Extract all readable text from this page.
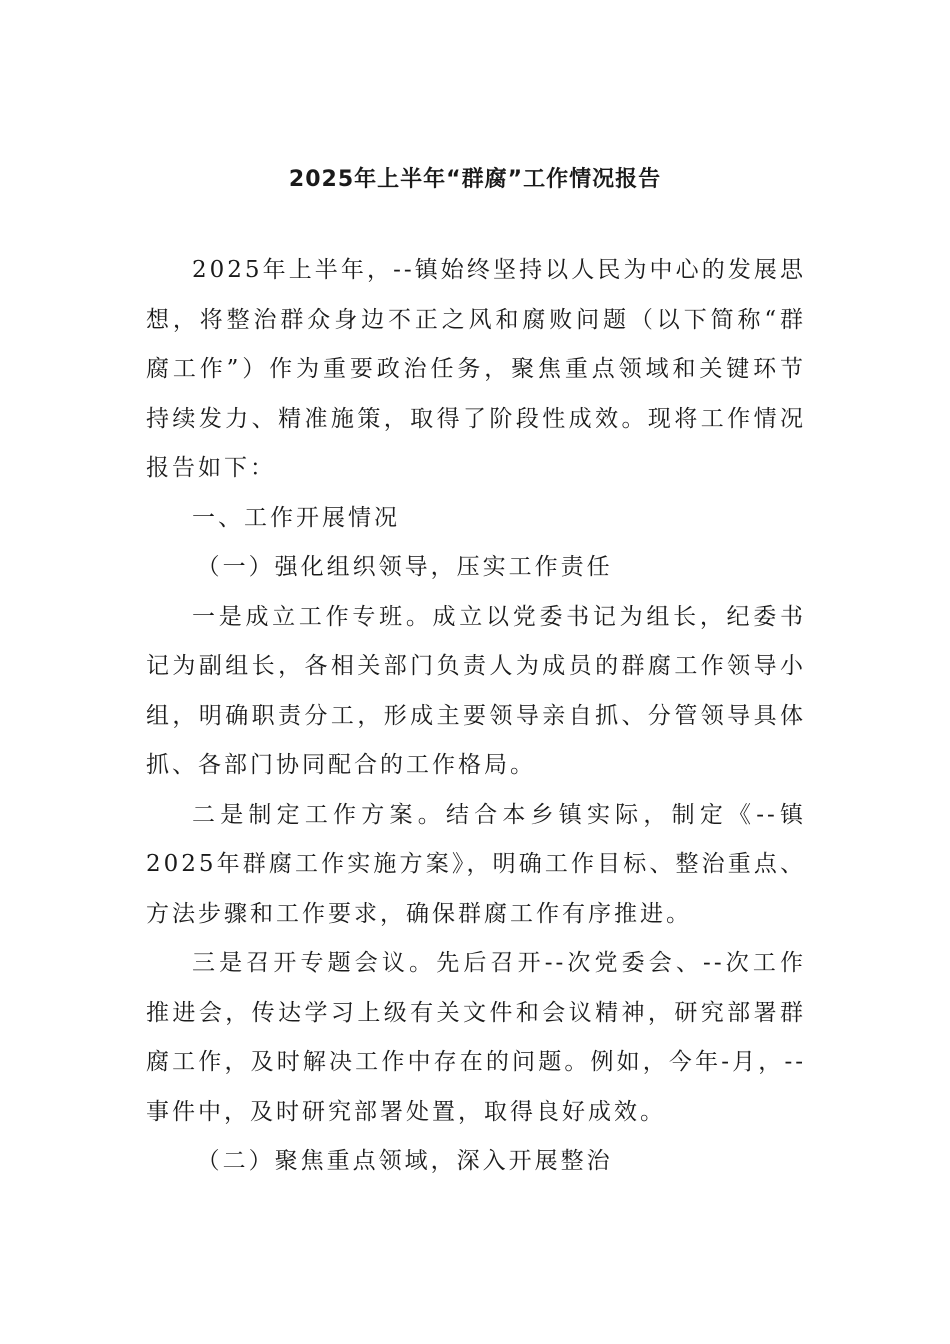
2025年上半年“群腐”工作情况报告

2025年上半年，--镇始终坚持以人民为中心的发展思想，将整治群众身边不正之风和腐败问题（以下简称“群腐工作”）作为重要政治任务，聚焦重点领域和关键环节持续发力、精准施策，取得了阶段性成效。现将工作情况报告如下：

一、工作开展情况

（一）强化组织领导，压实工作责任

一是成立工作专班。成立以党委书记为组长，纪委书记为副组长，各相关部门负责人为成员的群腐工作领导小组，明确职责分工，形成主要领导亲自抓、分管领导具体抓、各部门协同配合的工作格局。

二是制定工作方案。结合本乡镇实际，制定《--镇2025年群腐工作实施方案》，明确工作目标、整治重点、方法步骤和工作要求，确保群腐工作有序推进。

三是召开专题会议。先后召开--次党委会、--次工作推进会，传达学习上级有关文件和会议精神，研究部署群腐工作，及时解决工作中存在的问题。例如，今年-月，--事件中，及时研究部署处置，取得良好成效。

（二）聚焦重点领域，深入开展整治
